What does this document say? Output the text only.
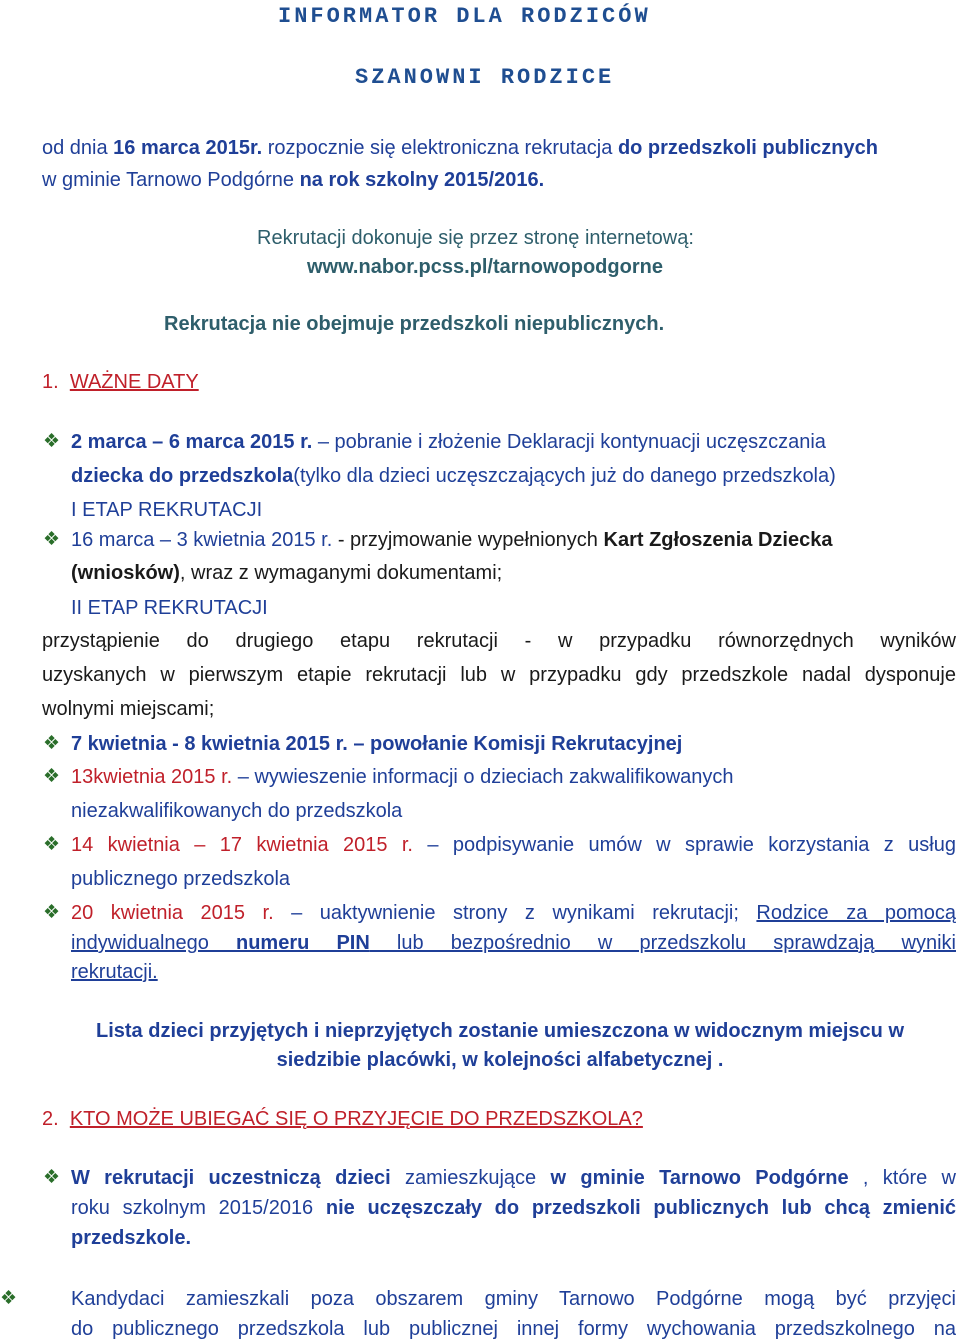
INFORMATOR DLA RODZICÓW
SZANOWNI RODZICE
od dnia 16 marca 2015r. rozpocznie się elektroniczna rekrutacja do przedszkoli publicznych
w gminie Tarnowo Podgórne na rok szkolny 2015/2016.
Rekrutacji dokonuje się przez stronę internetową:
www.nabor.pcss.pl/tarnowopodgorne
Rekrutacja nie obejmuje przedszkoli niepublicznych.
1. WAŻNE DATY
❖ 2 marca – 6 marca 2015 r. – pobranie i złożenie Deklaracji kontynuacji uczęszczania
dziecka do przedszkola(tylko dla dzieci uczęszczających już do danego przedszkola)
I ETAP REKRUTACJI
❖ 16 marca – 3 kwietnia 2015 r. - przyjmowanie wypełnionych Kart Zgłoszenia Dziecka
(wniosków), wraz z wymaganymi dokumentami;
II ETAP REKRUTACJI
przystąpienie do drugiego etapu rekrutacji - w przypadku równorzędnych wyników
uzyskanych w pierwszym etapie rekrutacji lub w przypadku gdy przedszkole nadal dysponuje
wolnymi miejscami;
❖ 7 kwietnia - 8 kwietnia 2015 r. – powołanie Komisji Rekrutacyjnej
❖ 13kwietnia 2015 r. – wywieszenie informacji o dzieciach zakwalifikowanych
niezakwalifikowanych do przedszkola
❖ 14 kwietnia – 17 kwietnia 2015 r. – podpisywanie umów w sprawie korzystania z usług
publicznego przedszkola
❖ 20 kwietnia 2015 r. – uaktywnienie strony z wynikami rekrutacji; Rodzice za pomocą
indywidualnego numeru PIN lub bezpośrednio w przedszkolu sprawdzają wyniki
rekrutacji.
Lista dzieci przyjętych i nieprzyjętych zostanie umieszczona w widocznym miejscu w
siedzibie placówki, w kolejności alfabetycznej .
2. KTO MOŻE UBIEGAĆ SIĘ O PRZYJĘCIE DO PRZEDSZKOLA?
❖ W rekrutacji uczestniczą dzieci zamieszkujące w gminie Tarnowo Podgórne , które w
roku szkolnym 2015/2016 nie uczęszczały do przedszkoli publicznych lub chcą zmienić
przedszkole.
❖	Kandydaci zamieszkali poza obszarem gminy Tarnowo Podgórne mogą być przyjęci
do publicznego przedszkola lub publicznej innej formy wychowania przedszkolnego na
